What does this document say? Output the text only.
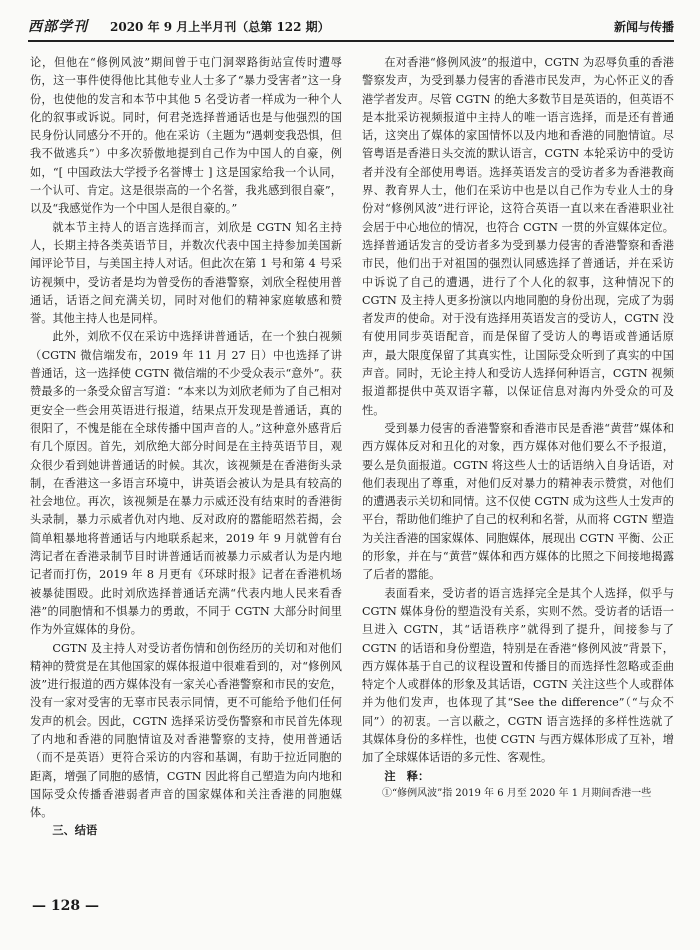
西部学刊 2020 年 9 月上半月刊（总第 122 期）	新闻与传播

论，但他在“修例风波”期间曾于屯门洞翠路街站宣传时遭辱伤，这一事件使得他比其他专业人士多了“暴力受害者”这一身份，也使他的发言和本节中其他 5 名受访者一样成为一种个人化的叙事或诉说。同时，何君尧选择普通话也是与他强烈的国民身份认同感分不开的。他在采访（主题为“遇刺变我恐惧，但我不做逃兵”）中多次骄傲地提到自己作为中国人的自豪，例如，“[ 中国政法大学授予名誉博士 ] 这是国家给我一个认同，一个认可、肯定。这是很崇高的一个名誉，我兆感到很自豪”，以及“我感觉作为一个中国人是很自豪的。”

就本节主持人的语言选择而言，刘欣是 CGTN 知名主持人，长期主持各类英语节目，并数次代表中国主持参加美国新闻评论节目，与美国主持人对话。但此次在第 1 号和第 4 号采访视频中，受访者是均为曾受伤的香港警察，刘欣全程使用普通话，话语之间充满关切，同时对他们的精神家庭敏感和赞誉。其他主持人也是同样。

此外，刘欣不仅在采访中选择讲普通话，在一个独白视频（CGTN 微信端发布，2019 年 11 月 27 日）中也选择了讲普通话，这一选择使 CGTN 微信端的不少受众表示“意外”。获赞最多的一条受众留言写道：“本来以为刘欣老师为了自己相对更安全一些会用英语进行报道，结果点开发现是普通话，真的很阳了，不愧是能在全球传播中国声音的人。”这种意外感背后有几个原因。首先，刘欣绝大部分时间是在主持英语节目，观众很少看到她讲普通话的时候。其次，该视频是在香港街头录制，在香港这一多语言环境中，讲英语会被认为是具有较高的社会地位。再次，该视频是在暴力示威还没有结束时的香港街头录制，暴力示威者仇对内地、反对政府的嚣能昭然若揭，会简单粗暴地将普通话与内地联系起来，2019 年 9 月就曾有台湾记者在香港录制节目时讲普通话而被暴力示威者认为是内地记者而打伤，2019 年 8 月更有《环球时报》记者在香港机场被暴徒围殴。此时刘欣选择普通话充满“代表内地人民来看香港”的同胞情和不惧暴力的勇敢，不同于 CGTN 大部分时间里作为外宣媒体的身份。

CGTN 及主持人对受访者伤情和创伤经历的关切和对他们精神的赞赏是在其他国家的媒体报道中很难看到的，对“修例风波”进行报道的西方媒体没有一家关心香港警察和市民的安危，没有一家对受害的无辜市民表示同情，更不可能给予他们任何发声的机会。因此，CGTN 选择采访受伤警察和市民首先体现了内地和香港的同胞情谊及对香港警察的支持，使用普通话（而不是英语）更符合采访的内容和基调，有助于拉近同胞的距离，增强了同胞的感情，CGTN 因此将自己塑造为向内地和国际受众传播香港弱者声音的国家媒体和关注香港的同胞媒体。

三、结语

在对香港“修例风波”的报道中，CGTN 为忍辱负重的香港警察发声，为受到暴力侵害的香港市民发声，为心怀正义的香港学者发声。尽管 CGTN 的绝大多数节目是英语的，但英语不是本批采访视频报道中主持人的唯一语言选择，而是还有普通话，这突出了媒体的家国情怀以及内地和香港的同胞情谊。尽管粤语是香港日头交流的默认语言，CGTN 本轮采访中的受访者并没有全部使用粤语。选择英语发言的受访者多为香港教商界、教育界人士，他们在采访中也是以自己作为专业人士的身份对“修例风波”进行评论，这符合英语一直以来在香港职业社会居于中心地位的情况，也符合 CGTN 一贯的外宣媒体定位。选择普通话发言的受访者多为受到暴力侵害的香港警察和香港市民，他们出于对祖国的强烈认同感选择了普通话，并在采访中诉说了自己的遭遇，进行了个人化的叙事，这种情况下的 CGTN 及主持人更多扮演以内地同胞的身份出现，完成了为弱者发声的使命。对于没有选择用英语发言的受访人，CGTN 没有使用同步英语配音，而是保留了受访人的粤语或普通话原声，最大限度保留了其真实性，让国际受众听到了真实的中国声音。同时，无论主持人和受访人选择何种语言，CGTN 视频报道都提供中英双语字幕，以保证信息对海内外受众的可及性。

受到暴力侵害的香港警察和香港市民是香港“黄营”媒体和西方媒体反对和丑化的对象，西方媒体对他们要么不予报道，要么是负面报道。CGTN 将这些人士的话语纳入自身话语，对他们表现出了尊重，对他们反对暴力的精神表示赞赏，对他们的遭遇表示关切和同情。这不仅使 CGTN 成为这些人士发声的平台，帮助他们维护了自己的权利和名誉，从而将 CGTN 塑造为关注香港的国家媒体、同胞媒体，展现出 CGTN 平衡、公正的形象，并在与“黄营”媒体和西方媒体的比照之下间接地揭露了后者的嚣能。

表面看来，受访者的语言选择完全是其个人选择，似乎与 CGTN 媒体身份的塑造没有关系，实则不然。受访者的话语一旦进入 CGTN，其“话语秩序”就得到了提升，间接参与了 CGTN 的话语和身份塑造，特别是在香港“修例风波”背景下，西方媒体基于自己的议程设置和传播目的而选择性忽略或歪曲特定个人或群体的形象及其话语，CGTN 关注这些个人或群体并为他们发声，也体现了其“See the difference”（“与众不同”）的初衷。一言以蔽之，CGTN 语言选择的多样性选就了其媒体身份的多样性，也使 CGTN 与西方媒体形成了互补，增加了全球媒体话语的多元性、客观性。

注　释：

①“修例风波”指 2019 年 6 月至 2020 年 1 月期间香港一些

— 128 —
